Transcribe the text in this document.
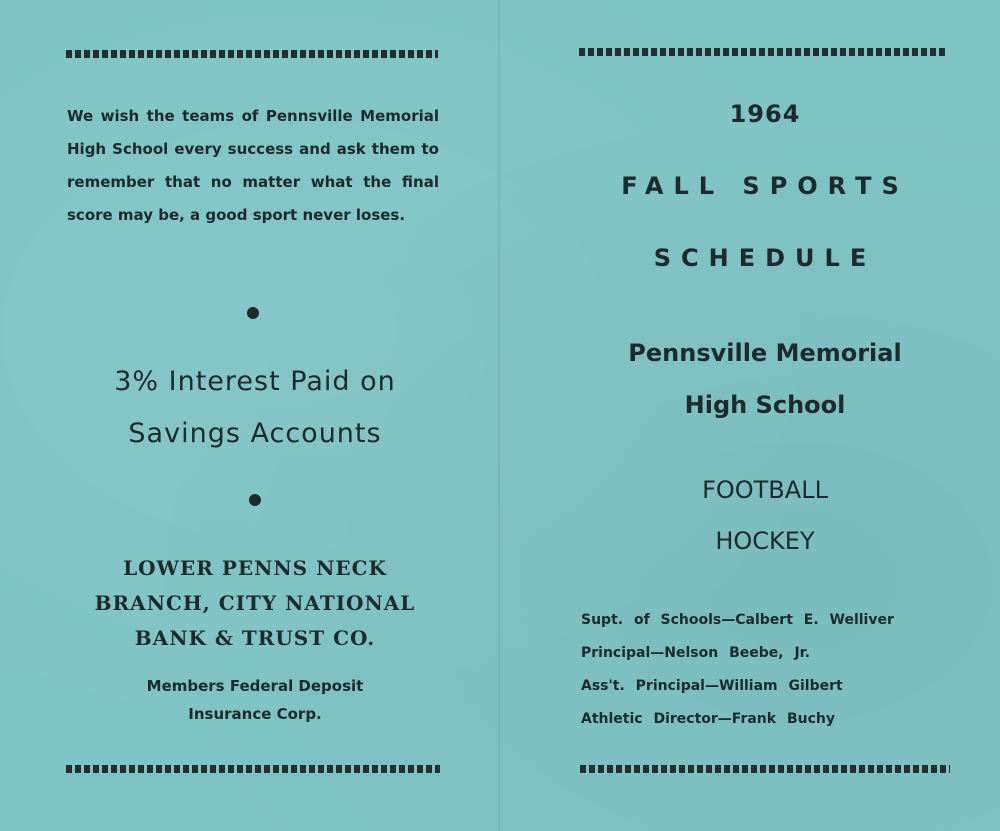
We wish the teams of Pennsville Memorial High School every success and ask them to remember that no matter what the final score may be, a good sport never loses.
3% Interest Paid on
Savings Accounts
LOWER PENNS NECK
BRANCH, CITY NATIONAL
BANK & TRUST CO.
Members Federal Deposit
Insurance Corp.
1964
FALL SPORTS
SCHEDULE
Pennsville Memorial
High School
FOOTBALL
HOCKEY
Supt. of Schools—Calbert E. Welliver
Principal—Nelson Beebe, Jr.
Ass't. Principal—William Gilbert
Athletic Director—Frank Buchy
